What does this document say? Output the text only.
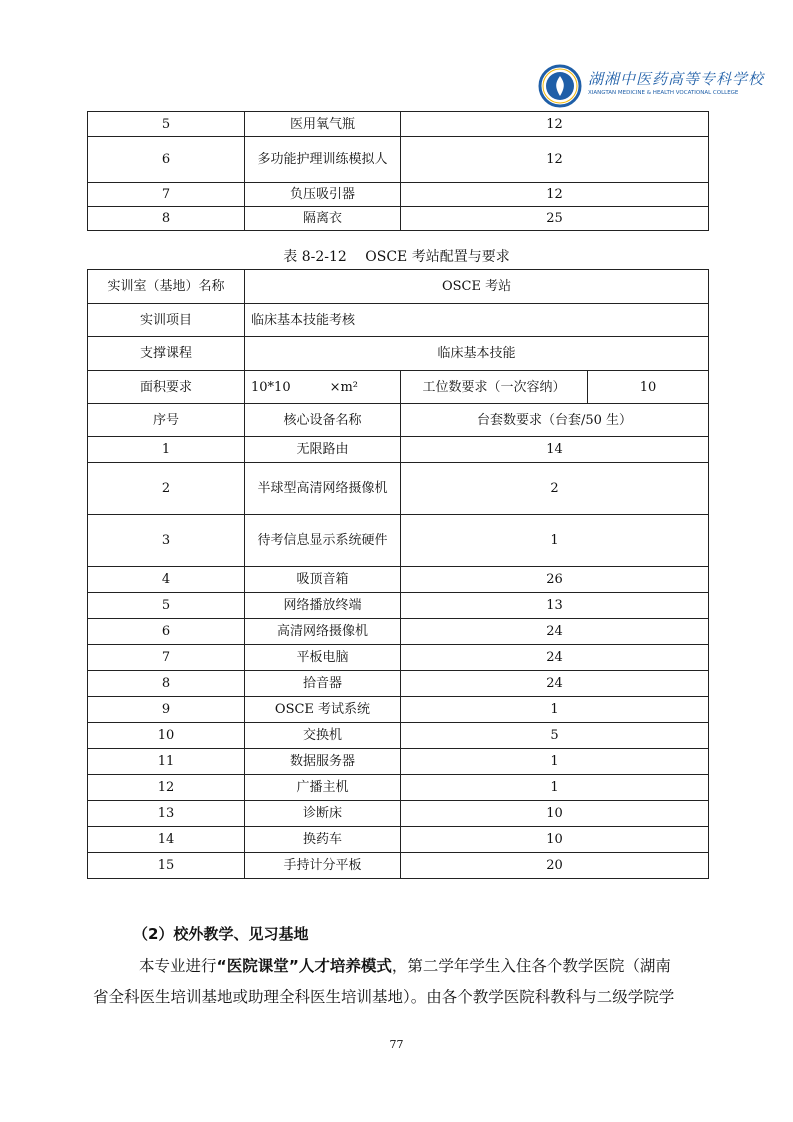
湖湘中医药高等专科学校
XIANGTAN MEDICINE & HEALTH VOCATIONAL COLLEGE
5	医用氧气瓶	12
6	多功能护理训练模拟人	12
7	负压吸引器	12
8	隔离衣	25
表 8-2-12　 OSCE 考站配置与要求
实训室（基地）名称	OSCE 考站		
实训项目	临床基本技能考核		
支撑课程	临床基本技能		
面积要求	10*10　　　×m²	工位数要求（一次容纳）	10
序号	核心设备名称	台套数要求（台套/50 生）	
1	无限路由	14	
2	半球型高清网络摄像机	2	
3	待考信息显示系统硬件	1	
4	吸顶音箱	26	
5	网络播放终端	13	
6	高清网络摄像机	24	
7	平板电脑	24	
8	拾音器	24	
9	OSCE 考试系统	1	
10	交换机	5	
11	数据服务器	1	
12	广播主机	1	
13	诊断床	10	
14	换药车	10	
15	手持计分平板	20	
（2）校外教学、见习基地
本专业进行“医院课堂”人才培养模式，第二学年学生入住各个教学医院（湖南
省全科医生培训基地或助理全科医生培训基地）。由各个教学医院科教科与二级学院学
77
